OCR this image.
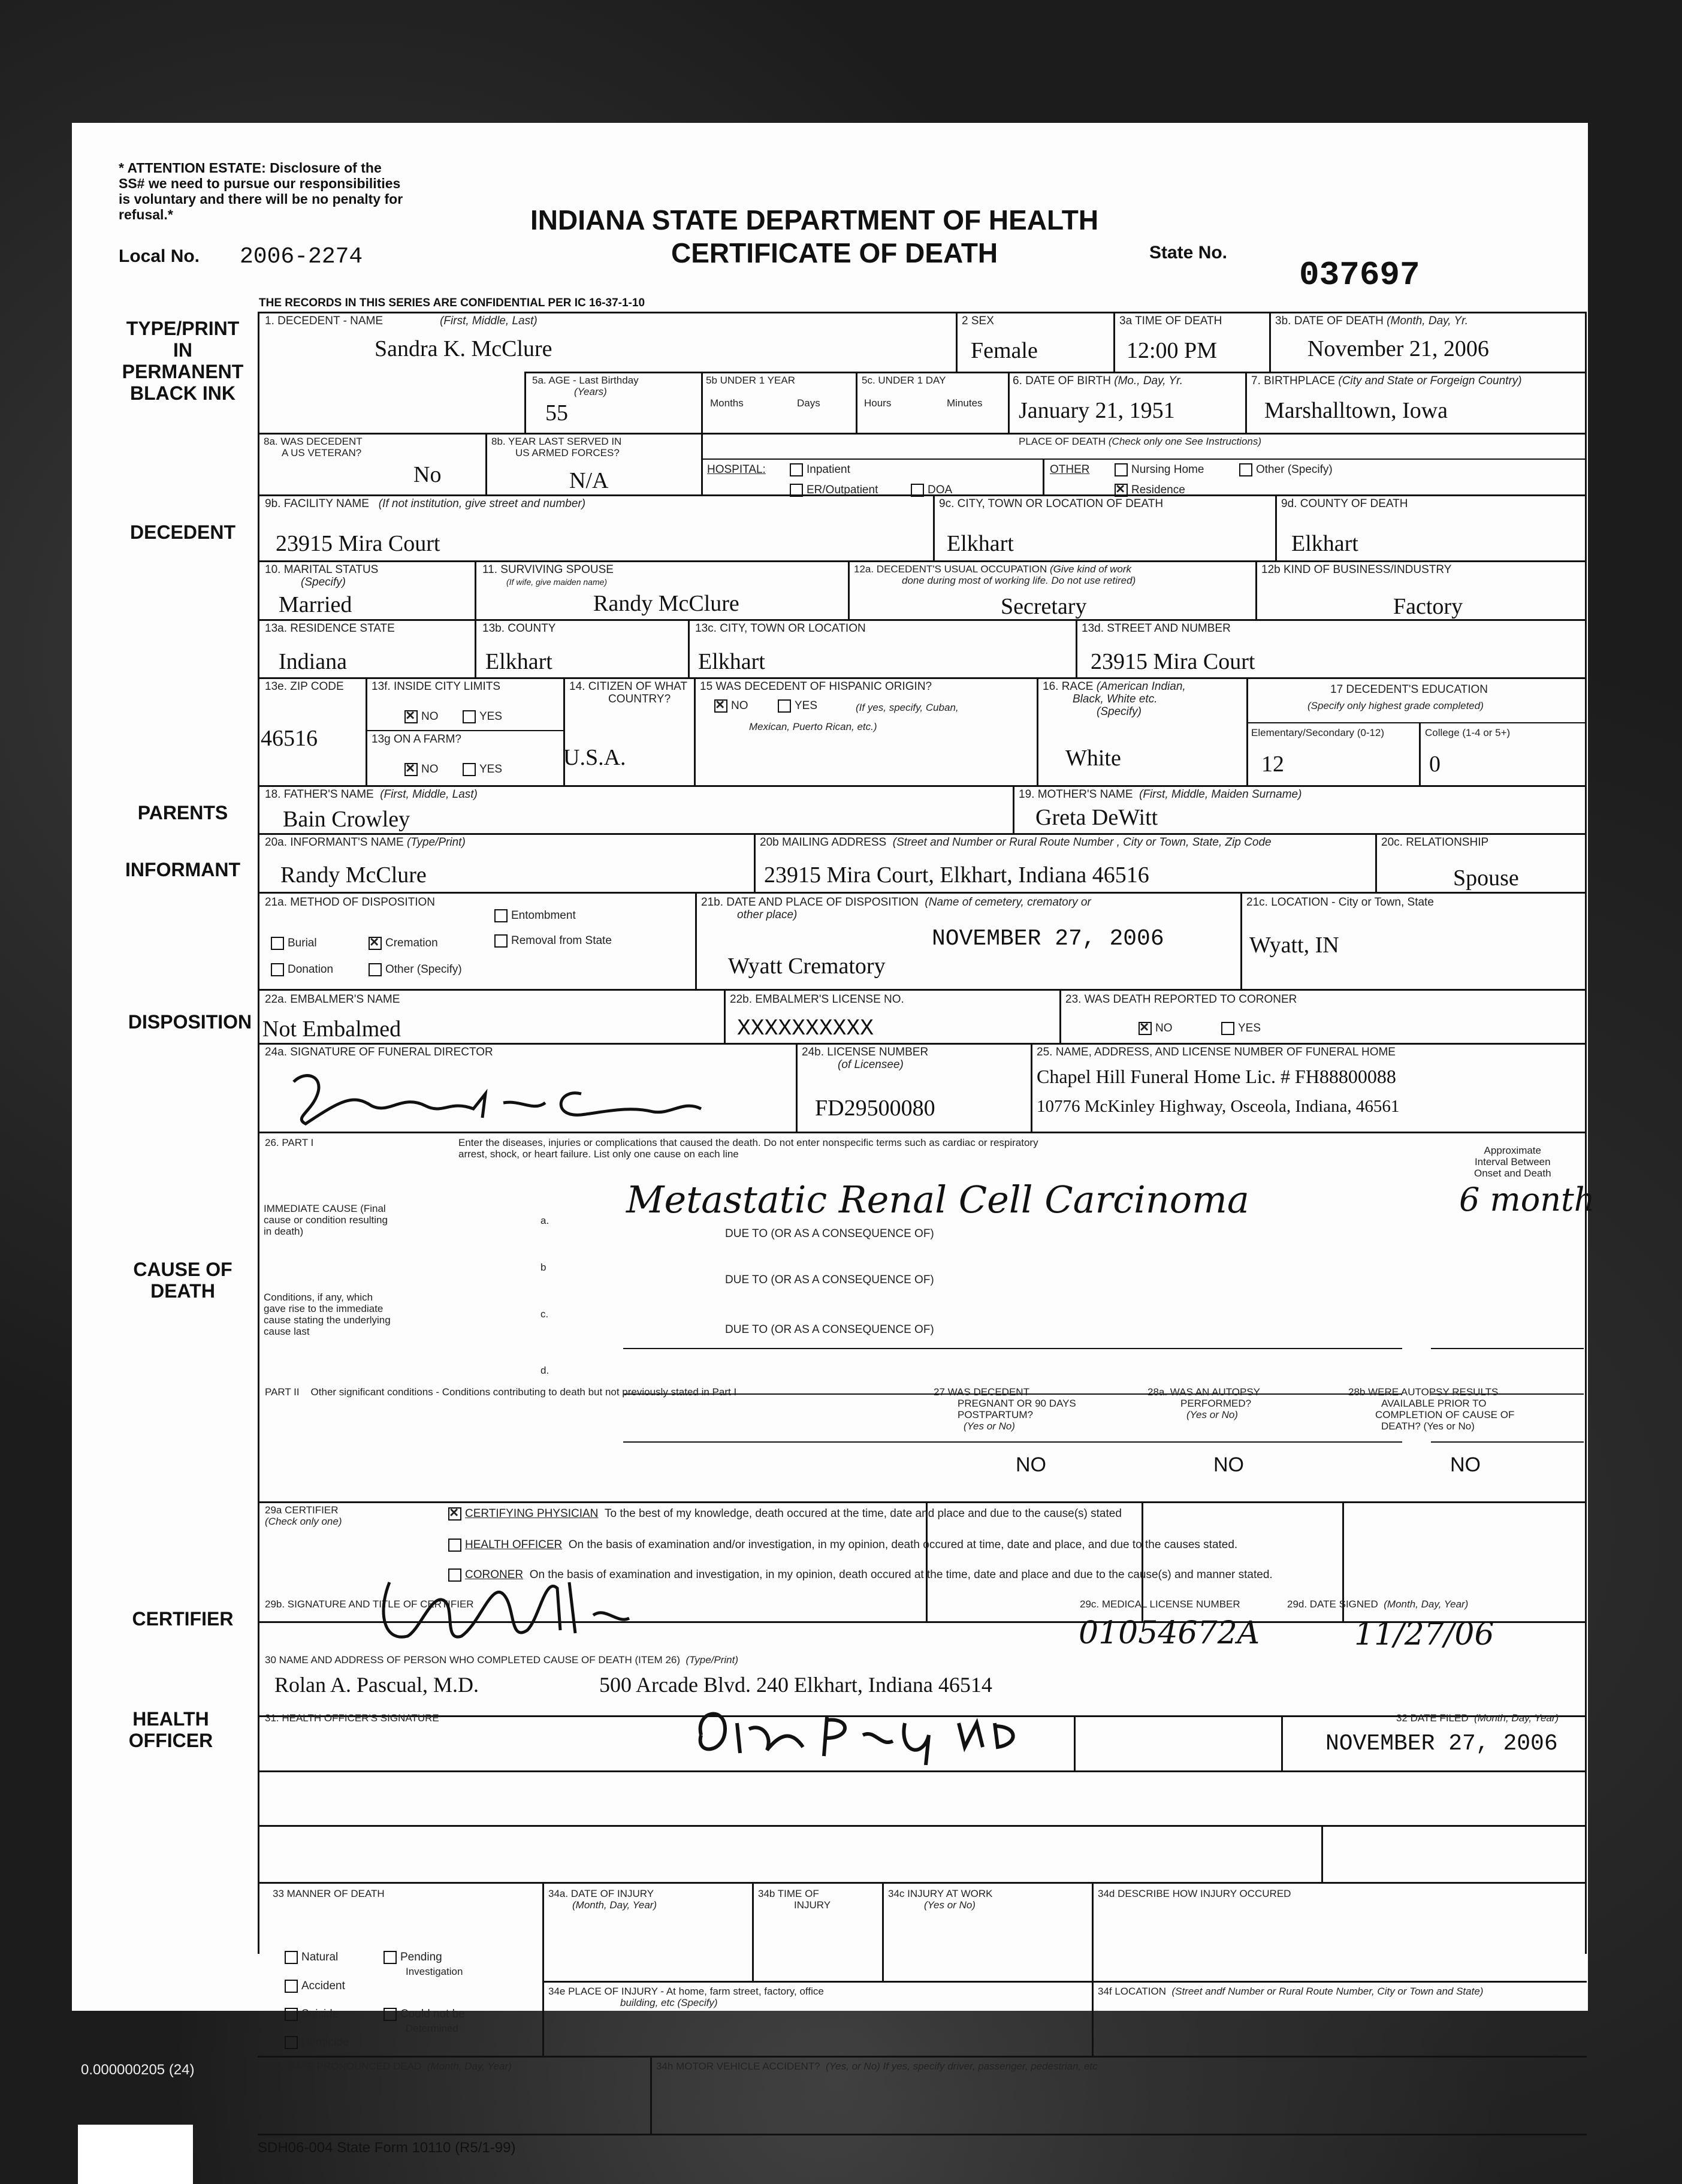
* ATTENTION ESTATE: Disclosure of the
SS# we need to pursue our responsibilities
is voluntary and there will be no penalty for
refusal.*
Local No. 2006-2274
INDIANA STATE DEPARTMENT OF HEALTH
CERTIFICATE OF DEATH	State No.
037697
THE RECORDS IN THIS SERIES ARE CONFIDENTIAL PER IC 16-37-1-10
TYPE/PRINT
IN
PERMANENT
BLACK INK
DECEDENT
PARENTS
INFORMANT
DISPOSITION
CAUSE OF
DEATH
CERTIFIER
HEALTH
OFFICER
1. DECEDENT - NAME	(First, Middle, Last)
Sandra K. McClure
2 SEX
Female
3a TIME OF DEATH
12:00 PM
3b. DATE OF DEATH (Month, Day, Yr.
November 21, 2006
5a. AGE - Last Birthday
(Years)
55
5b UNDER 1 YEAR
Months	Days
5c. UNDER 1 DAY
Hours	Minutes
6. DATE OF BIRTH (Mo., Day, Yr.
January 21, 1951
7. BIRTHPLACE (City and State or Forgeign Country)
Marshalltown, Iowa
8a. WAS DECEDENT
A US VETERAN?
No
8b. YEAR LAST SERVED IN
US ARMED FORCES?
N/A
PLACE OF DEATH (Check only one See Instructions)
HOSPITAL:	Inpatient
ER/Outpatient	DOA
OTHER	Nursing Home	Other (Specify)
×Residence
9b. FACILITY NAME (If not institution, give street and number)
23915 Mira Court
9c. CITY, TOWN OR LOCATION OF DEATH
Elkhart
9d. COUNTY OF DEATH
Elkhart
10. MARITAL STATUS
(Specify)
Married
11. SURVIVING SPOUSE
(If wife, give maiden name)
Randy McClure
12a. DECEDENT'S USUAL OCCUPATION (Give kind of work
done during most of working life. Do not use retired)
Secretary
12b KIND OF BUSINESS/INDUSTRY
Factory
13a. RESIDENCE STATE
Indiana
13b. COUNTY
Elkhart
13c. CITY, TOWN OR LOCATION
Elkhart
13d. STREET AND NUMBER
23915 Mira Court
13e. ZIP CODE
46516
13f. INSIDE CITY LIMITS
×NO	YES
13g ON A FARM?
×NO	YES
14. CITIZEN OF WHAT
COUNTRY?
U.S.A.
15 WAS DECEDENT OF HISPANIC ORIGIN?
×NO	YES	(If yes, specify, Cuban,
Mexican, Puerto Rican, etc.)
16. RACE (American Indian,
Black, White etc.
(Specify)
White
17 DECEDENT'S EDUCATION
(Specify only highest grade completed)
Elementary/Secondary (0-12)	College (1-4 or 5+)
12	0
18. FATHER'S NAME (First, Middle, Last)
Bain Crowley
19. MOTHER'S NAME (First, Middle, Maiden Surname)
Greta DeWitt
20a. INFORMANT'S NAME (Type/Print)
Randy McClure
20b MAILING ADDRESS (Street and Number or Rural Route Number , City or Town, State, Zip Code
23915 Mira Court, Elkhart, Indiana 46516
20c. RELATIONSHIP
Spouse
21a. METHOD OF DISPOSITION
Entombment
Burial
×	Cremation	Removal from State
Donation	Other (Specify)
21b. DATE AND PLACE OF DISPOSITION (Name of cemetery, crematory or
other place)
NOVEMBER 27, 2006
Wyatt Crematory
21c. LOCATION - City or Town, State
Wyatt, IN
22a. EMBALMER'S NAME
Not Embalmed
22b. EMBALMER'S LICENSE NO.
XXXXXXXXXX
23. WAS DEATH REPORTED TO CORONER
×NO	YES
24a. SIGNATURE OF FUNERAL DIRECTOR	24b. LICENSE NUMBER
(of Licensee)
FD29500080
25. NAME, ADDRESS, AND LICENSE NUMBER OF FUNERAL HOME
Chapel Hill Funeral Home Lic. # FH88800088
10776 McKinley Highway, Osceola, Indiana, 46561
26. PART I	Enter the diseases, injuries or complications that caused the death. Do not enter nonspecific terms such as cardiac or respiratory
arrest, shock, or heart failure. List only one cause on each line	Approximate
Interval Between
Onset and Death
IMMEDIATE CAUSE (Final
cause or condition resulting
in death)
a. Metastatic Renal Cell Carcinoma	6 month
DUE TO (OR AS A CONSEQUENCE OF)
b
Conditions, if any, which
gave rise to the immediate
cause stating the underlying
cause last
DUE TO (OR AS A CONSEQUENCE OF)
c.
DUE TO (OR AS A CONSEQUENCE OF)
d.
PART II Other significant conditions - Conditions contributing to death but not previously stated in Part I	27 WAS DECEDENT
PREGNANT OR 90 DAYS
POSTPARTUM?
(Yes or No)
NO
28a. WAS AN AUTOPSY
PERFORMED?
(Yes or No)
NO
28b WERE AUTOPSY RESULTS
AVAILABLE PRIOR TO
COMPLETION OF CAUSE OF
DEATH? (Yes or No)
NO
29a CERTIFIER
(Check only one)
×CERTIFYING PHYSICIAN To the best of my knowledge, death occured at the time, date and place and due to the cause(s) stated
HEALTH OFFICER On the basis of examination and/or investigation, in my opinion, death occured at time, date and place, and due to the causes stated.
CORONER On the basis of examination and investigation, in my opinion, death occured at the time, date and place and due to the cause(s) and manner stated.
29b. SIGNATURE AND TITLE OF CERTIFIER	29c. MEDICAL LICENSE NUMBER
01054672A
29d. DATE SIGNED (Month, Day, Year)
11/27/06
30 NAME AND ADDRESS OF PERSON WHO COMPLETED CAUSE OF DEATH (ITEM 26) (Type/Print)
Rolan A. Pascual, M.D.	500 Arcade Blvd. 240 Elkhart, Indiana 46514
31. HEALTH OFFICER'S SIGNATURE	32 DATE FILED (Month, Day, Year)
NOVEMBER 27, 2006
33 MANNER OF DEATH
Natural	Pending
Investigation
Accident
Suicide	Could not be
Determined
Homicide
34a. DATE OF INJURY
(Month, Day, Year)
34b TIME OF
INJURY
34c INJURY AT WORK
(Yes or No)
34d DESCRIBE HOW INJURY OCCURED
34e PLACE OF INJURY - At home, farm street, factory, office
building, etc (Specify)
34f LOCATION (Street andf Number or Rural Route Number, City or Town and State)
34g. DATE PRONOUNCED DEAD (Month, Day, Year)	34h MOTOR VEHICLE ACCIDENT? (Yes, or No) If yes, specify driver, passenger, pedestrian, etc
SDH06-004 State Form 10110 (R5/1-99)
0.000000205 (24)
